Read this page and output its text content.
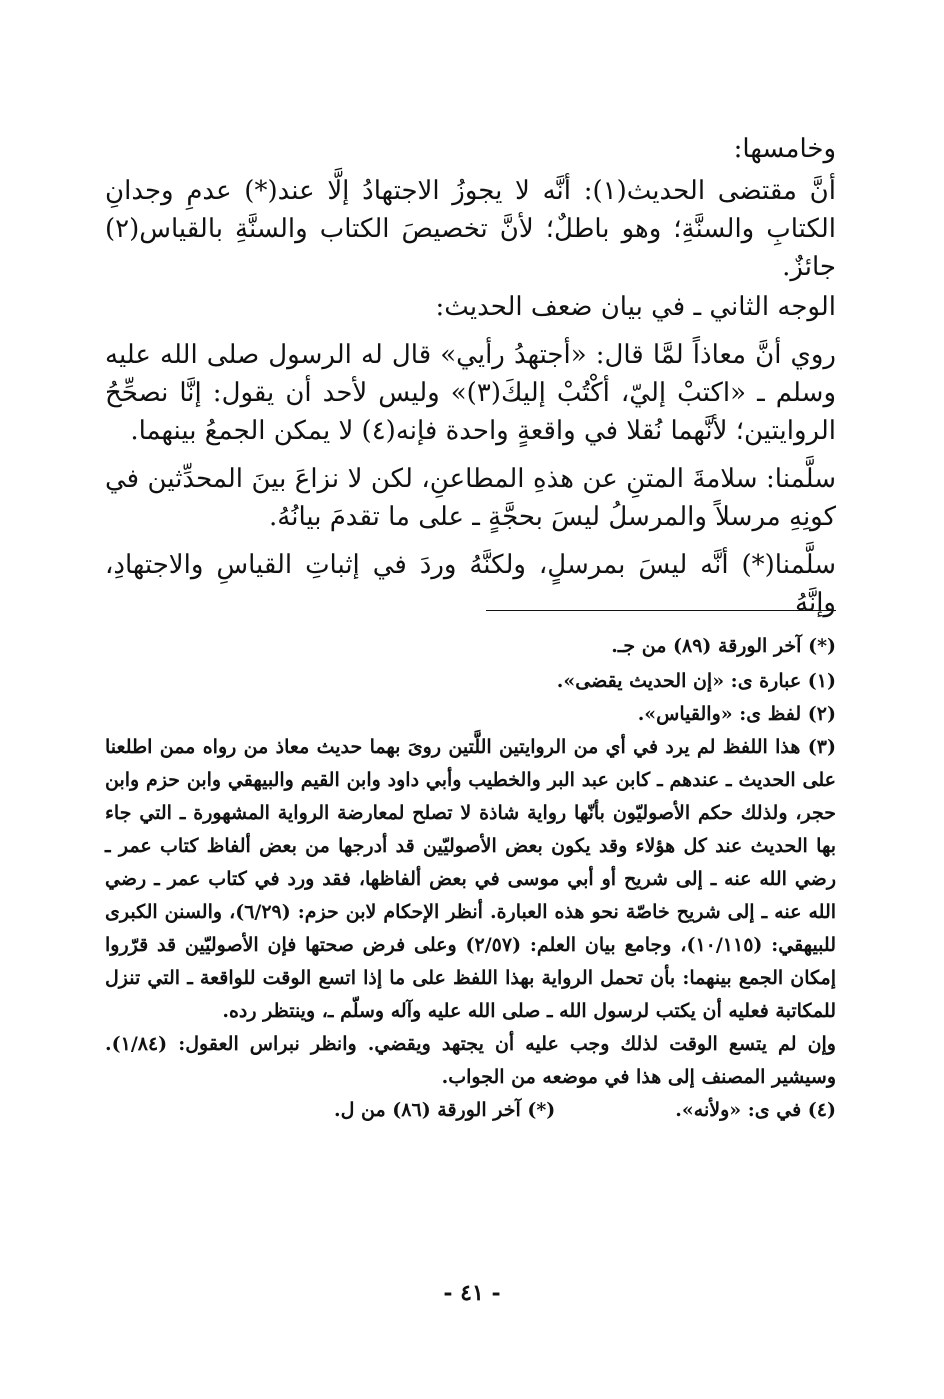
وخامسها:

أنَّ مقتضى الحديث(١): أنَّه لا يجوزُ الاجتهادُ إلَّا عند(*) عدمِ وجدانِ الكتابِ والسنَّةِ؛ وهو باطلٌ؛ لأنَّ تخصيصَ الكتاب والسنَّةِ بالقياس(٢) جائزٌ.

الوجه الثاني ـ في بيان ضعف الحديث:

روي أنَّ معاذاً لمَّا قال: «أجتهدُ رأيي» قال له الرسول صلى الله عليه وسلم ـ «اكتبْ إليّ، أكْتُبْ إليكَ(٣)» وليس لأحد أن يقول: إنَّا نصحِّحُ الروايتين؛ لأنَّهما نُقلا في واقعةٍ واحدة فإنه(٤) لا يمكن الجمعُ بينهما.

سلَّمنا: سلامةَ المتنِ عن هذهِ المطاعنِ، لكن لا نزاعَ بينَ المحدِّثين في كونِهِ مرسلاً والمرسلُ ليسَ بحجَّةٍ ـ على ما تقدمَ بيانُهُ.

سلَّمنا(*) أنَّه ليسَ بمرسلٍ، ولكنَّهُ وردَ في إثباتِ القياسِ والاجتهادِ، وإنَّهُ

(*) آخر الورقة (٨٩) من جـ.

(١) عبارة ى: «إن الحديث يقضى».

(٢) لفظ ى: «والقياس».

(٣) هذا اللفظ لم يرد في أي من الروايتين اللَّتين روىَ بهما حديث معاذ من رواه ممن اطلعنا على الحديث ـ عندهم ـ كابن عبد البر والخطيب وأبي داود وابن القيم والبيهقي وابن حزم وابن حجر، ولذلك حكم الأصوليّون بأنّها رواية شاذة لا تصلح لمعارضة الرواية المشهورة ـ التي جاء بها الحديث عند كل هؤلاء وقد يكون بعض الأصوليّين قد أدرجها من بعض ألفاظ كتاب عمر ـ رضي الله عنه ـ إلى شريح أو أبي موسى في بعض ألفاظها، فقد ورد في كتاب عمر ـ رضي الله عنه ـ إلى شريح خاصّة نحو هذه العبارة. أنظر الإحكام لابن حزم: (٦/٢٩)، والسنن الكبرى للبيهقي: (١٠/١١٥)، وجامع بيان العلم: (٢/٥٧) وعلى فرض صحتها فإن الأصوليّين قد قرّروا إمكان الجمع بينهما: بأن تحمل الرواية بهذا اللفظ على ما إذا اتسع الوقت للواقعة ـ التي تنزل للمكاتبة فعليه أن يكتب لرسول الله ـ صلى الله عليه وآله وسلّم ـ، وينتظر رده.

وإن لم يتسع الوقت لذلك وجب عليه أن يجتهد ويقضي. وانظر نبراس العقول: (١/٨٤). وسيشير المصنف إلى هذا في موضعه من الجواب.

(٤) في ى: «ولأنه».
(*) آخر الورقة (٨٦) من ل.

- ٤١ -
